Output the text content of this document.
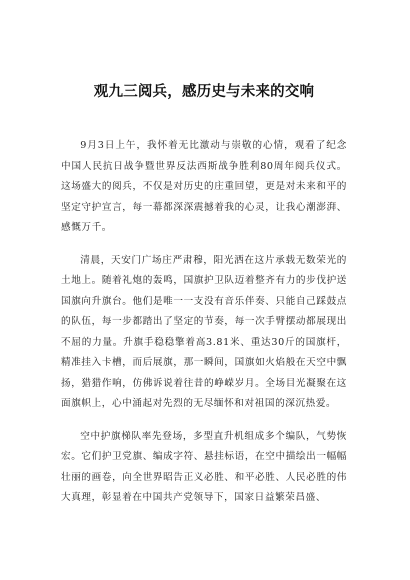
观九三阅兵，感历史与未来的交响

9月3日上午，我怀着无比激动与崇敬的心情，观看了纪念中国人民抗日战争暨世界反法西斯战争胜利80周年阅兵仪式。这场盛大的阅兵，不仅是对历史的庄重回望，更是对未来和平的坚定守护宣言，每一幕都深深震撼着我的心灵，让我心潮澎湃、感慨万千。

清晨，天安门广场庄严肃穆，阳光洒在这片承载无数荣光的土地上。随着礼炮的轰鸣，国旗护卫队迈着整齐有力的步伐护送国旗向升旗台。他们是唯一一支没有音乐伴奏、只能自己踩鼓点的队伍，每一步都踏出了坚定的节奏，每一次手臂摆动都展现出不屈的力量。升旗手稳稳擎着高3.81米、重达30斤的国旗杆，精准挂入卡槽，而后展旗，那一瞬间，国旗如火焰般在天空中飘扬，猎猎作响，仿佛诉说着往昔的峥嵘岁月。全场目光凝聚在这面旗帜上，心中涌起对先烈的无尽缅怀和对祖国的深沉热爱。

空中护旗梯队率先登场，多型直升机组成多个编队，气势恢宏。它们护卫党旗、编成字符、悬挂标语，在空中描绘出一幅幅壮丽的画卷，向全世界昭告正义必胜、和平必胜、人民必胜的伟大真理，彰显着在中国共产党领导下，国家日益繁荣昌盛、
